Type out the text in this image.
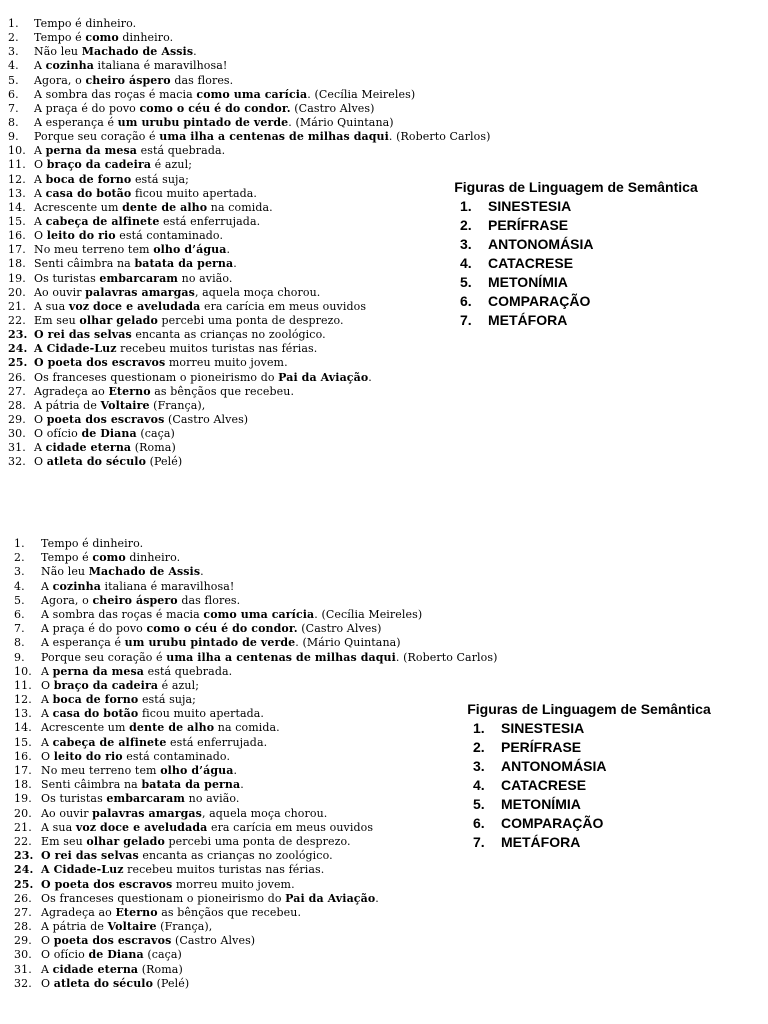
1. Tempo é dinheiro.
2. Tempo é como dinheiro.
3. Não leu Machado de Assis.
4. A cozinha italiana é maravilhosa!
5. Agora, o cheiro áspero das flores.
6. A sombra das roças é macia como uma carícia. (Cecília Meireles)
7. A praça é do povo como o céu é do condor. (Castro Alves)
8. A esperança é um urubu pintado de verde. (Mário Quintana)
9. Porque seu coração é uma ilha a centenas de milhas daqui. (Roberto Carlos)
10. A perna da mesa está quebrada.
11. O braço da cadeira é azul;
12. A boca de forno está suja;
13. A casa do botão ficou muito apertada.
14. Acrescente um dente de alho na comida.
15. A cabeça de alfinete está enferrujada.
16. O leito do rio está contaminado.
17. No meu terreno tem olho d’água.
18. Senti câimbra na batata da perna.
19. Os turistas embarcaram no avião.
20. Ao ouvir palavras amargas, aquela moça chorou.
21. A sua voz doce e aveludada era carícia em meus ouvidos
22. Em seu olhar gelado percebi uma ponta de desprezo.
23. O rei das selvas encanta as crianças no zoológico.
24. A Cidade-Luz recebeu muitos turistas nas férias.
25. O poeta dos escravos morreu muito jovem.
26. Os franceses questionam o pioneirismo do Pai da Aviação.
27. Agradeça ao Eterno as bênçãos que recebeu.
28. A pátria de Voltaire (França),
29. O poeta dos escravos (Castro Alves)
30. O ofício de Diana (caça)
31. A cidade eterna (Roma)
32. O atleta do século (Pelé)

Figuras de Linguagem de Semântica

1. SINESTESIA
2. PERÍFRASE
3. ANTONOMÁSIA
4. CATACRESE
5. METONÍMIA
6. COMPARAÇÃO
7. METÁFORA
1. Tempo é dinheiro.
2. Tempo é como dinheiro.
3. Não leu Machado de Assis.
4. A cozinha italiana é maravilhosa!
5. Agora, o cheiro áspero das flores.
6. A sombra das roças é macia como uma carícia. (Cecília Meireles)
7. A praça é do povo como o céu é do condor. (Castro Alves)
8. A esperança é um urubu pintado de verde. (Mário Quintana)
9. Porque seu coração é uma ilha a centenas de milhas daqui. (Roberto Carlos)
10. A perna da mesa está quebrada.
11. O braço da cadeira é azul;
12. A boca de forno está suja;
13. A casa do botão ficou muito apertada.
14. Acrescente um dente de alho na comida.
15. A cabeça de alfinete está enferrujada.
16. O leito do rio está contaminado.
17. No meu terreno tem olho d’água.
18. Senti câimbra na batata da perna.
19. Os turistas embarcaram no avião.
20. Ao ouvir palavras amargas, aquela moça chorou.
21. A sua voz doce e aveludada era carícia em meus ouvidos
22. Em seu olhar gelado percebi uma ponta de desprezo.
23. O rei das selvas encanta as crianças no zoológico.
24. A Cidade-Luz recebeu muitos turistas nas férias.
25. O poeta dos escravos morreu muito jovem.
26. Os franceses questionam o pioneirismo do Pai da Aviação.
27. Agradeça ao Eterno as bênçãos que recebeu.
28. A pátria de Voltaire (França),
29. O poeta dos escravos (Castro Alves)
30. O ofício de Diana (caça)
31. A cidade eterna (Roma)
32. O atleta do século (Pelé)

Figuras de Linguagem de Semântica

1. SINESTESIA
2. PERÍFRASE
3. ANTONOMÁSIA
4. CATACRESE
5. METONÍMIA
6. COMPARAÇÃO
7. METÁFORA
